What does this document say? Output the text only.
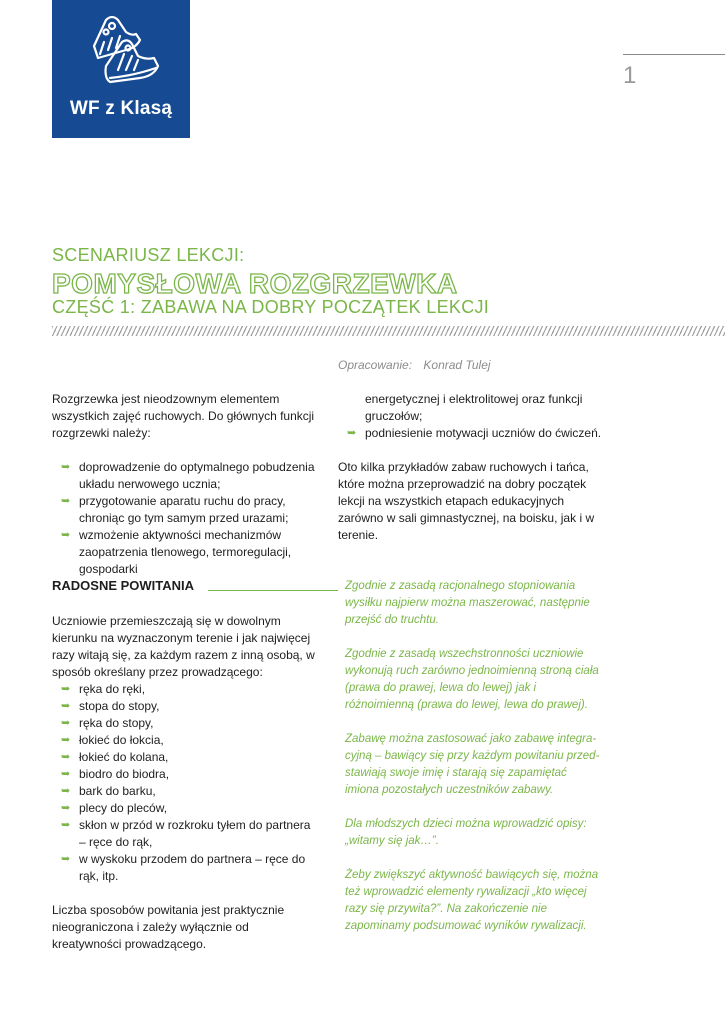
WF z Klasą
1
SCENARIUSZ LEKCJI:
POMYSŁOWA ROZGRZEWKA
CZĘŚĆ 1: ZABAWA NA DOBRY POCZĄTEK LEKCJI
Opracowanie: Konrad Tulej

Rozgrzewka jest nieodzownym elementem wszystkich zajęć ruchowych. Do głównych funkcji rozgrzewki należy:

➥ doprowadzenie do optymalnego pobudzenia układu nerwowego ucznia;
➥ przygotowanie aparatu ruchu do pracy, chroniąc go tym samym przed urazami;
➥ wzmożenie aktywności mechanizmów zaopatrzenia tlenowego, termoregulacji, gospodarki

energetycznej i elektrolitowej oraz funkcji gruczołów;

➥ podniesienie motywacji uczniów do ćwiczeń.

Oto kilka przykładów zabaw ruchowych i tańca, które można przeprowadzić na dobry początek lekcji na wszystkich etapach edukacyjnych zarówno w sali gimnastycznej, na boisku, jak i w terenie.

RADOSNE POWITANIA

Uczniowie przemieszczają się w dowolnym kierunku na wyznaczonym terenie i jak najwięcej razy witają się, za każdym razem z inną osobą, w sposób określany przez prowadzącego:

➥ ręka do ręki,
➥ stopa do stopy,
➥ ręka do stopy,
➥ łokieć do łokcia,
➥ łokieć do kolana,
➥ biodro do biodra,
➥ bark do barku,
➥ plecy do pleców,
➥ skłon w przód w rozkroku tyłem do partnera – ręce do rąk,
➥ w wyskoku przodem do partnera – ręce do rąk, itp.

Liczba sposobów powitania jest praktycznie nieograniczona i zależy wyłącznie od kreatywności prowadzącego.

Zgodnie z zasadą racjonalnego stopniowania wysiłku najpierw można maszerować, następnie przejść do truchtu.

Zgodnie z zasadą wszechstronności uczniowie wykonują ruch zarówno jednoimienną stroną ciała (prawa do prawej, lewa do lewej) jak i różnoimienną (prawa do lewej, lewa do prawej).

Zabawę można zastosować jako zabawę integracyjną – bawiący się przy każdym powitaniu przedstawiają swoje imię i starają się zapamiętać imiona pozostałych uczestników zabawy.

Dla młodszych dzieci można wprowadzić opisy: „witamy się jak…”.

Żeby zwiększyć aktywność bawiących się, można też wprowadzić elementy rywalizacji „kto więcej razy się przywita?”. Na zakończenie nie zapominamy podsumować wyników rywalizacji.
